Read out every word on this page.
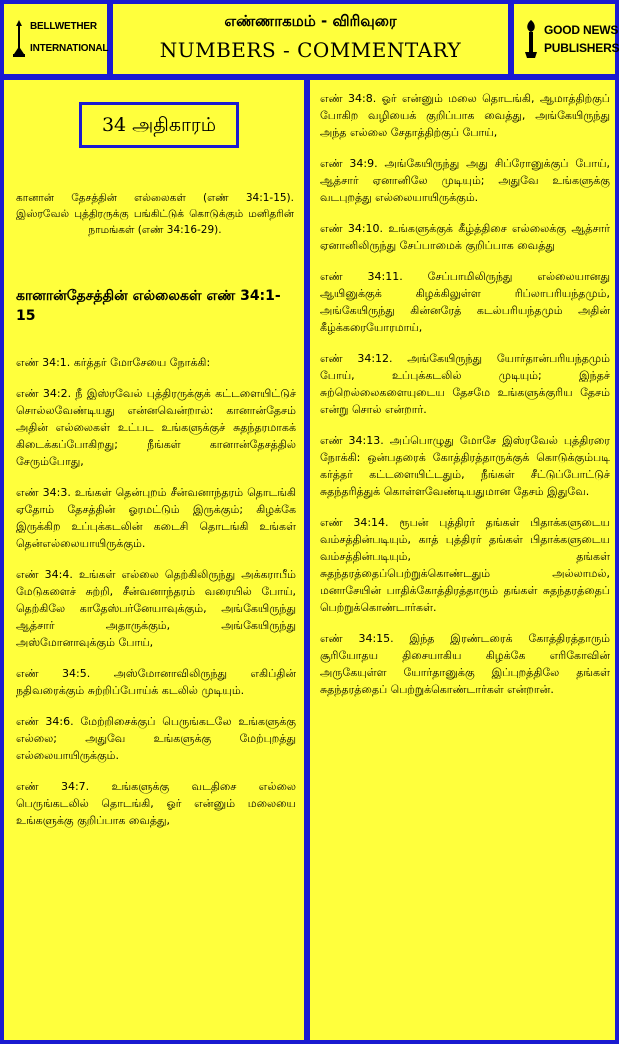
BELLWETHER
INTERNATIONAL
எண்ணாகமம் - விரிவுரை
NUMBERS - COMMENTARY
GOOD NEWS
PUBLISHERS
34 அதிகாரம்
கானான் தேசத்தின் எல்லைகள் (எண் 34:1-15). இஸ்ரவேல் புத்திரருக்கு பங்கிட்டுக் கொடுக்கும் மனிதரின் நாமங்கள் (எண் 34:16-29).
கானான்தேசத்தின் எல்லைகள் எண் 34:1-15

எண் 34:1. கர்த்தர் மோசேயை நோக்கி:

எண் 34:2. நீ இஸ்ரவேல் புத்திரருக்குக் கட்டளையிட்டுச் சொல்லவேண்டியது என்னவென்றால்: கானான்தேசம் அதின் எல்லைகள் உட்பட உங்களுக்குச் சுதந்தரமாகக் கிடைக்கப்போகிறது; நீங்கள் கானான்தேசத்தில் சேரும்போது,

எண் 34:3. உங்கள் தென்புறம் சீன்வனாந்தரம் தொடங்கி ஏதோம் தேசத்தின் ஓரமட்டும் இருக்கும்; கிழக்கே இருக்கிற உப்புக்கடலின் கடைசி தொடங்கி உங்கள் தென்எல்லையாயிருக்கும்.

எண் 34:4. உங்கள் எல்லை தெற்கிலிருந்து அக்கராபீம் மேடுகளைச் சுற்றி, சீன்வனாந்தரம் வரையில் போய், தெற்கிலே காதேஸ்பர்னேயாவுக்கும், அங்கேயிருந்து ஆத்சார் அதாருக்கும், அங்கேயிருந்து அஸ்மோனாவுக்கும் போய்,

எண் 34:5. அஸ்மோனாவிலிருந்து எகிப்தின் நதிவரைக்கும் சுற்றிப்போய்க் கடலில் முடியும்.

எண் 34:6. மேற்றிசைக்குப் பெருங்கடலே உங்களுக்கு எல்லை; அதுவே உங்களுக்கு மேற்புறத்து எல்லையாயிருக்கும்.

எண் 34:7. உங்களுக்கு வடதிசை எல்லை பெருங்கடலில் தொடங்கி, ஓர் என்னும் மலையை உங்களுக்கு குறிப்பாக வைத்து,

எண் 34:8. ஓர் என்னும் மலை தொடங்கி, ஆமாத்திற்குப் போகிற வழியைக் குறிப்பாக வைத்து, அங்கேயிருந்து அந்த எல்லை சேதாத்திற்குப் போய்,

எண் 34:9. அங்கேயிருந்து அது சிப்ரோனுக்குப் போய், ஆத்சார் ஏனானிலே முடியும்; அதுவே உங்களுக்கு வடபுறத்து எல்லையாயிருக்கும்.

எண் 34:10. உங்களுக்குக் கீழ்த்திசை எல்லைக்கு ஆத்சார் ஏனானிலிருந்து சேப்பாமைக் குறிப்பாக வைத்து

எண் 34:11. சேப்பாமிலிருந்து எல்லையானது ஆயினுக்குக் கிழக்கிலுள்ள ரிப்லாபரியந்தமும், அங்கேயிருந்து கின்னரேத் கடல்பரியந்தமும் அதின் கீழ்க்கரையோரமாய்,

எண் 34:12. அங்கேயிருந்து யோர்தான்பரியந்தமும் போய், உப்புக்கடலில் முடியும்; இந்தச் சுற்றெல்லைகளையுடைய தேசமே உங்களுக்குரிய தேசம் என்று சொல் என்றார்.

எண் 34:13. அப்பொழுது மோசே இஸ்ரவேல் புத்திரரை நோக்கி: ஒன்பதரைக் கோத்திரத்தாருக்குக் கொடுக்கும்படி கர்த்தர் கட்டளையிட்டதும், நீங்கள் சீட்டுப்போட்டுச் சுதந்தரித்துக் கொள்ளவேண்டியதுமான தேசம் இதுவே.

எண் 34:14. ரூபன் புத்திரர் தங்கள் பிதாக்களுடைய வம்சத்தின்படியும், காத் புத்திரர் தங்கள் பிதாக்களுடைய வம்சத்தின்படியும், தங்கள் சுதந்தரத்தைப்பெற்றுக்கொண்டதும் அல்லாமல், மனாசேயின் பாதிக்கோத்திரத்தாரும் தங்கள் சுதந்தரத்தைப் பெற்றுக்கொண்டார்கள்.

எண் 34:15. இந்த இரண்டரைக் கோத்திரத்தாரும் சூரியோதய திசையாகிய கிழக்கே எரிகோவின் அருகேயுள்ள யோர்தானுக்கு இப்புறத்திலே தங்கள் சுதந்தரத்தைப் பெற்றுக்கொண்டார்கள் என்றான்.
